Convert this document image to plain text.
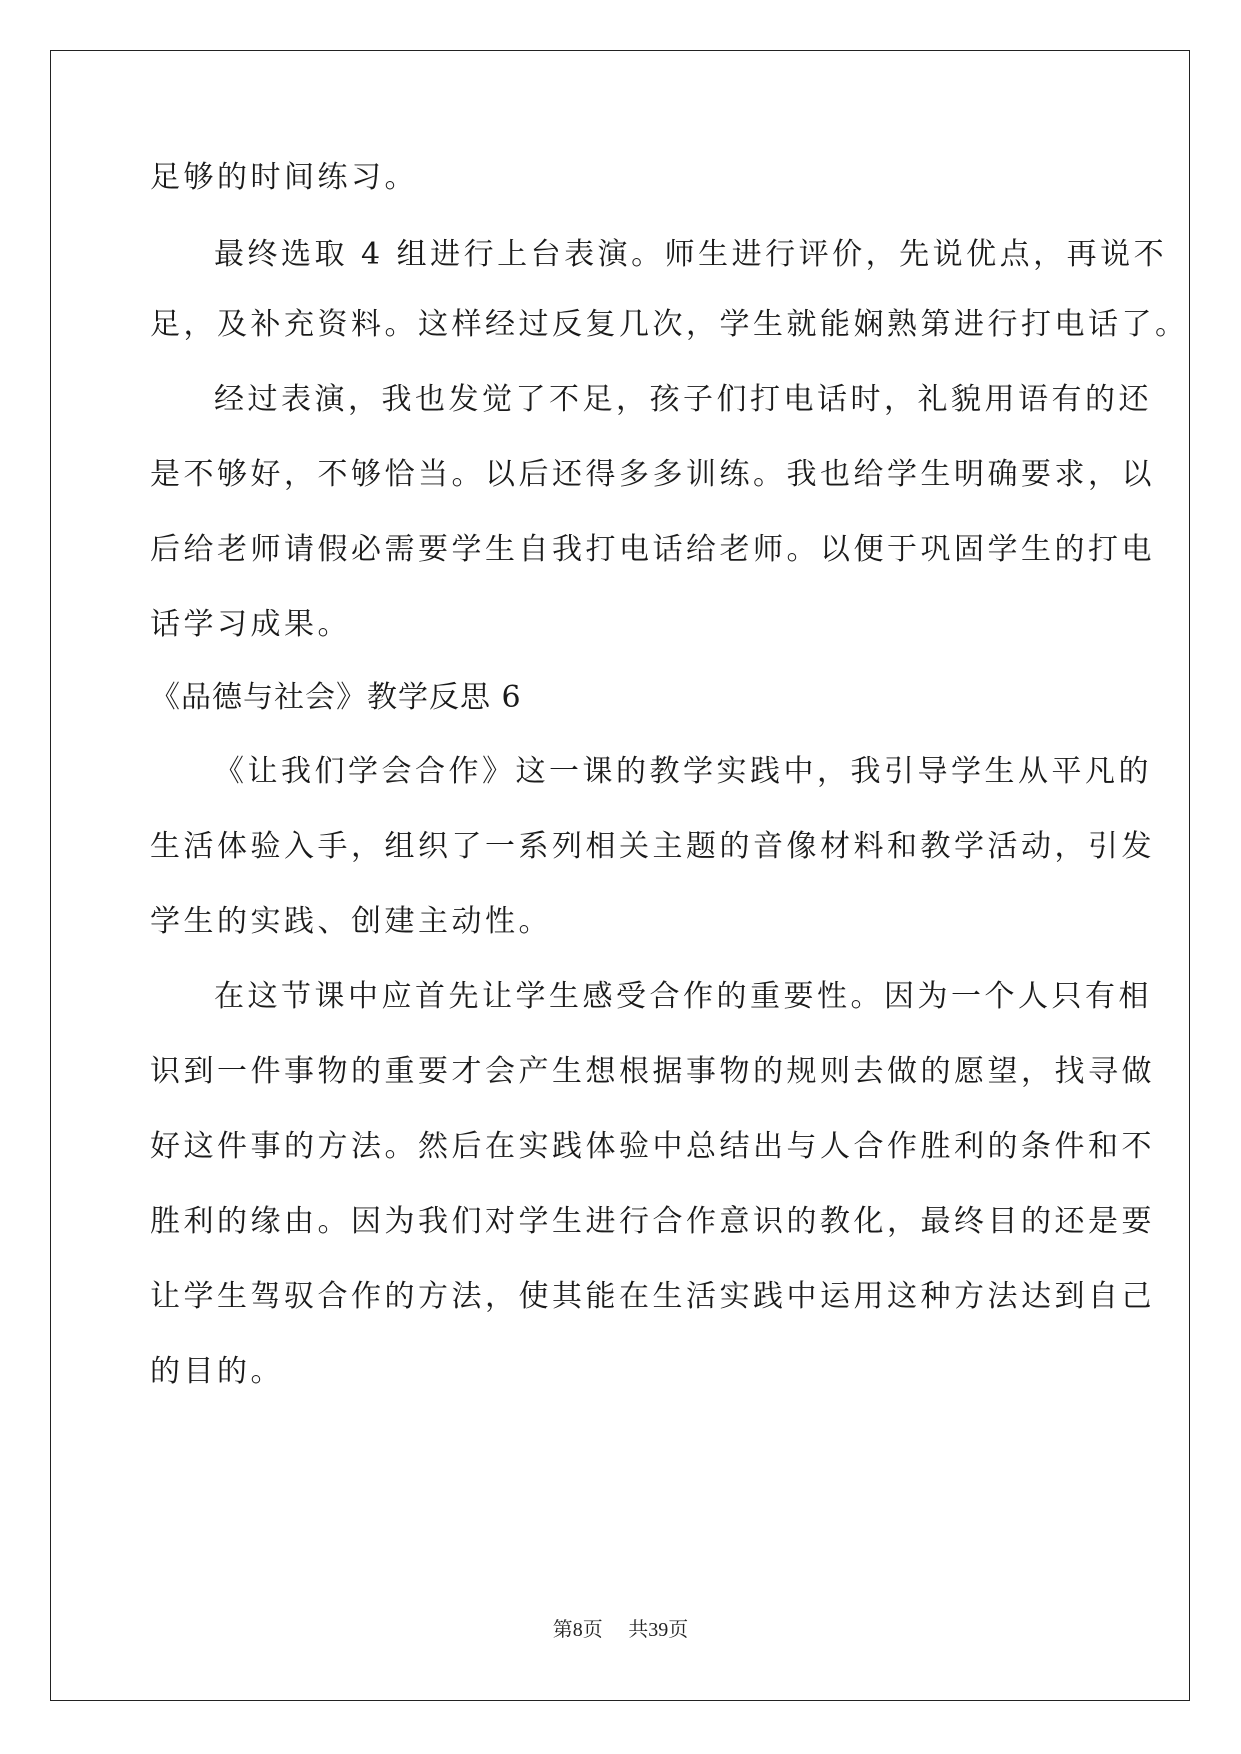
足够的时间练习。
最终选取 4 组进行上台表演。师生进行评价，先说优点，再说不
足，及补充资料。这样经过反复几次，学生就能娴熟第进行打电话了。
经过表演，我也发觉了不足，孩子们打电话时，礼貌用语有的还
是不够好，不够恰当。以后还得多多训练。我也给学生明确要求，以
后给老师请假必需要学生自我打电话给老师。以便于巩固学生的打电
话学习成果。
《品德与社会》教学反思 6
《让我们学会合作》这一课的教学实践中，我引导学生从平凡的
生活体验入手，组织了一系列相关主题的音像材料和教学活动，引发
学生的实践、创建主动性。
在这节课中应首先让学生感受合作的重要性。因为一个人只有相
识到一件事物的重要才会产生想根据事物的规则去做的愿望，找寻做
好这件事的方法。然后在实践体验中总结出与人合作胜利的条件和不
胜利的缘由。因为我们对学生进行合作意识的教化，最终目的还是要
让学生驾驭合作的方法，使其能在生活实践中运用这种方法达到自己
的目的。
第8页 共39页
